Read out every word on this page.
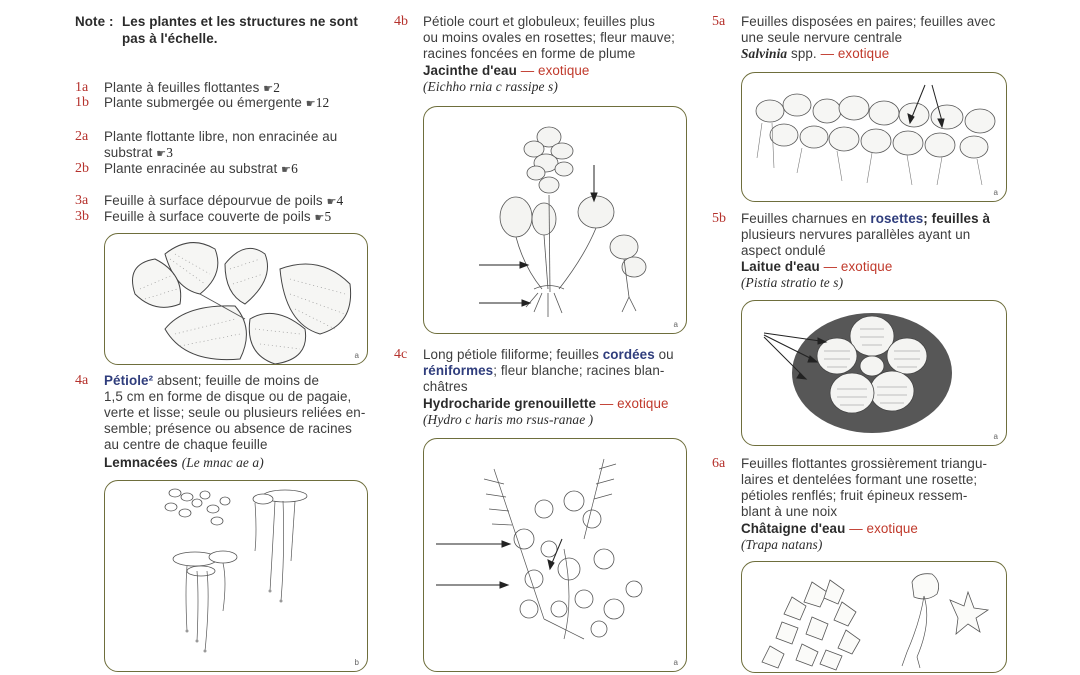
Note : Les plantes et les structures ne sont
pas à l'échelle.
1a Plante à feuilles flottantes ☛2
1b Plante submergée ou émergente ☛12
2a Plante flottante libre, non enracinée au
substrat ☛3
2b Plante enracinée au substrat ☛6
3a Feuille à surface dépourvue de poils ☛4
3b Feuille à surface couverte de poils ☛5
a
4a Pétiole² absent; feuille de moins de
1,5 cm en forme de disque ou de pagaie,
verte et lisse; seule ou plusieurs reliées en-
semble; présence ou absence de racines
au centre de chaque feuille
Lemnacées (Le mnac ae a)
b
4b Pétiole court et globuleux; feuilles plus
ou moins ovales en rosettes; fleur mauve;
racines foncées en forme de plume
Jacinthe d'eau — exotique
(Eichho rnia c rassipe s)
a
4c Long pétiole filiforme; feuilles cordées ou
réniformes; fleur blanche; racines blan-
châtres
Hydrocharide grenouillette — exotique
(Hydro c haris mo rsus-ranae )
a
5a Feuilles disposées en paires; feuilles avec
une seule nervure centrale
Salvinia spp. — exotique
a
5b Feuilles charnues en rosettes; feuilles à
plusieurs nervures parallèles ayant un
aspect ondulé
Laitue d'eau — exotique
(Pistia stratio te s)
a
6a Feuilles flottantes grossièrement triangu-
laires et dentelées formant une rosette;
pétioles renflés; fruit épineux ressem-
blant à une noix
Châtaigne d'eau — exotique
(Trapa natans)
